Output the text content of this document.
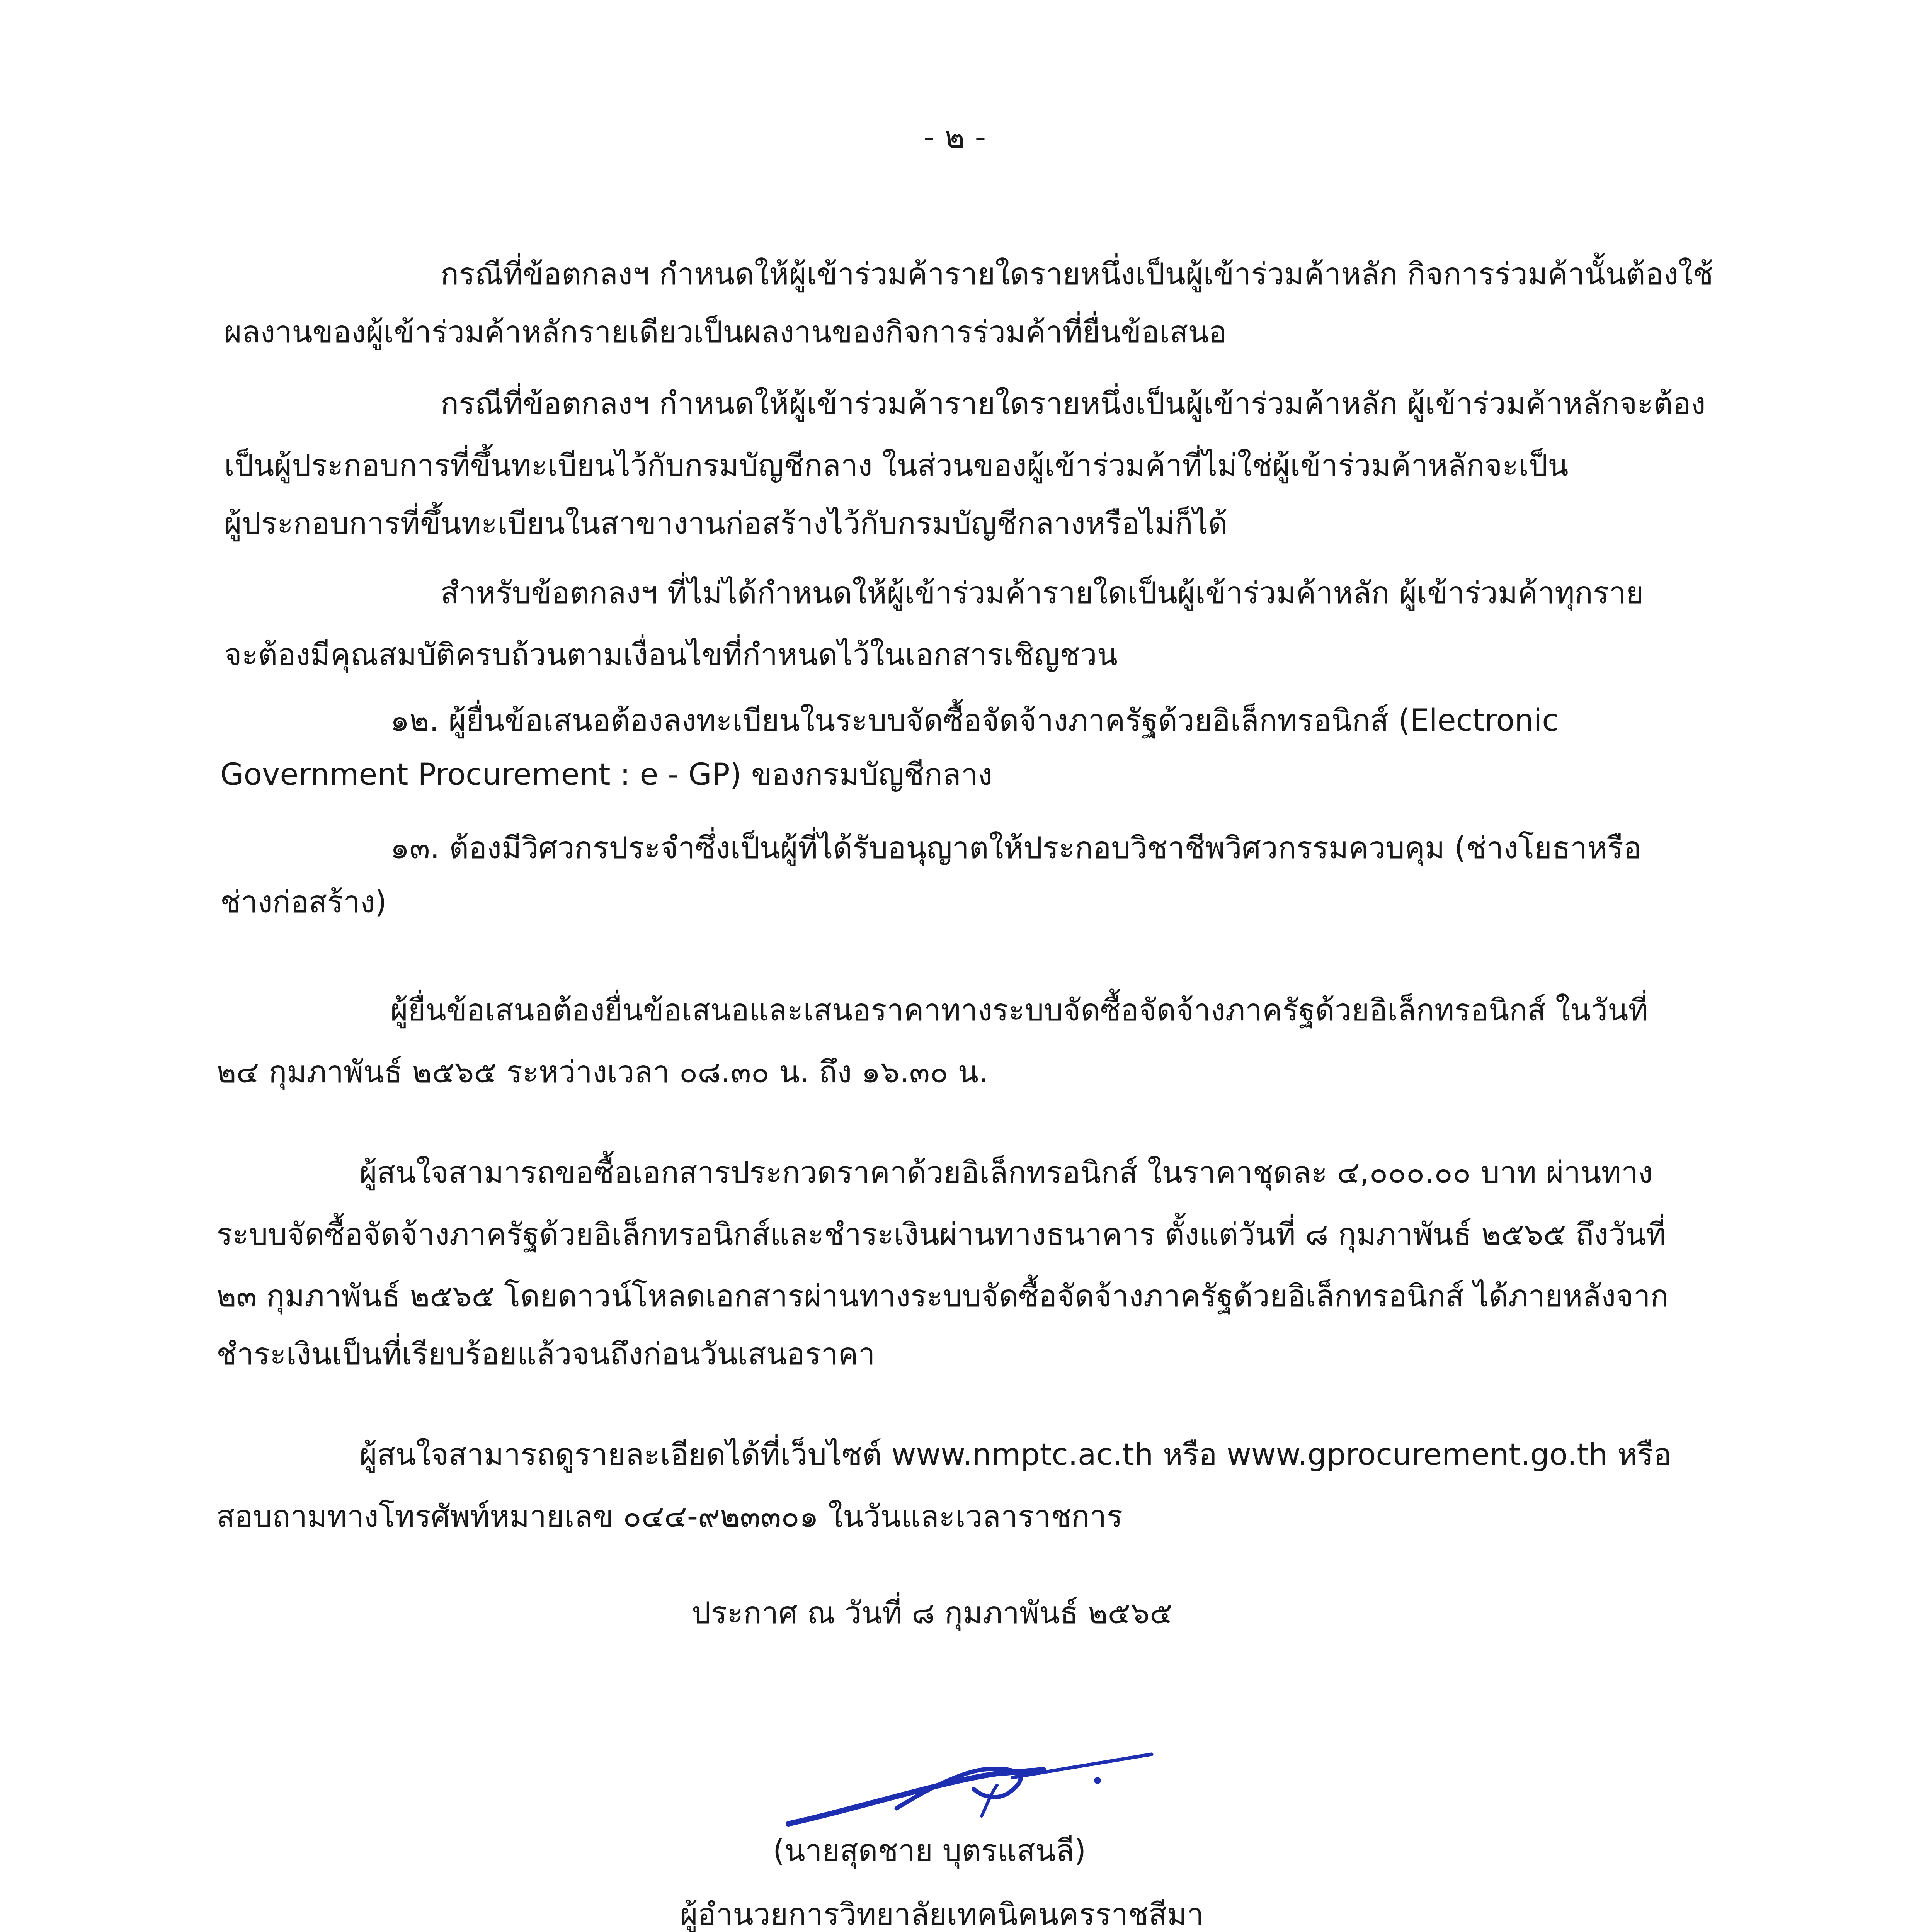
- ๒ -
กรณีที่ข้อตกลงฯ กำหนดให้ผู้เข้าร่วมค้ารายใดรายหนึ่งเป็นผู้เข้าร่วมค้าหลัก กิจการร่วมค้านั้นต้องใช้
ผลงานของผู้เข้าร่วมค้าหลักรายเดียวเป็นผลงานของกิจการร่วมค้าที่ยื่นข้อเสนอ
กรณีที่ข้อตกลงฯ กำหนดให้ผู้เข้าร่วมค้ารายใดรายหนึ่งเป็นผู้เข้าร่วมค้าหลัก ผู้เข้าร่วมค้าหลักจะต้อง
เป็นผู้ประกอบการที่ขึ้นทะเบียนไว้กับกรมบัญชีกลาง ในส่วนของผู้เข้าร่วมค้าที่ไม่ใช่ผู้เข้าร่วมค้าหลักจะเป็น
ผู้ประกอบการที่ขึ้นทะเบียนในสาขางานก่อสร้างไว้กับกรมบัญชีกลางหรือไม่ก็ได้
สำหรับข้อตกลงฯ ที่ไม่ได้กำหนดให้ผู้เข้าร่วมค้ารายใดเป็นผู้เข้าร่วมค้าหลัก ผู้เข้าร่วมค้าทุกราย
จะต้องมีคุณสมบัติครบถ้วนตามเงื่อนไขที่กำหนดไว้ในเอกสารเชิญชวน
๑๒. ผู้ยื่นข้อเสนอต้องลงทะเบียนในระบบจัดซื้อจัดจ้างภาครัฐด้วยอิเล็กทรอนิกส์ (Electronic
Government Procurement : e - GP) ของกรมบัญชีกลาง
๑๓. ต้องมีวิศวกรประจำซึ่งเป็นผู้ที่ได้รับอนุญาตให้ประกอบวิชาชีพวิศวกรรมควบคุม (ช่างโยธาหรือ
ช่างก่อสร้าง)
ผู้ยื่นข้อเสนอต้องยื่นข้อเสนอและเสนอราคาทางระบบจัดซื้อจัดจ้างภาครัฐด้วยอิเล็กทรอนิกส์ ในวันที่
๒๔ กุมภาพันธ์ ๒๕๖๕ ระหว่างเวลา ๐๘.๓๐ น. ถึง ๑๖.๓๐ น.
ผู้สนใจสามารถขอซื้อเอกสารประกวดราคาด้วยอิเล็กทรอนิกส์ ในราคาชุดละ ๔,๐๐๐.๐๐ บาท ผ่านทาง
ระบบจัดซื้อจัดจ้างภาครัฐด้วยอิเล็กทรอนิกส์และชำระเงินผ่านทางธนาคาร ตั้งแต่วันที่ ๘ กุมภาพันธ์ ๒๕๖๕ ถึงวันที่
๒๓ กุมภาพันธ์ ๒๕๖๕ โดยดาวน์โหลดเอกสารผ่านทางระบบจัดซื้อจัดจ้างภาครัฐด้วยอิเล็กทรอนิกส์ ได้ภายหลังจาก
ชำระเงินเป็นที่เรียบร้อยแล้วจนถึงก่อนวันเสนอราคา
ผู้สนใจสามารถดูรายละเอียดได้ที่เว็บไซต์ www.nmptc.ac.th หรือ www.gprocurement.go.th หรือ
สอบถามทางโทรศัพท์หมายเลข ๐๔๔-๙๒๓๓๐๑ ในวันและเวลาราชการ
ประกาศ ณ วันที่ ๘ กุมภาพันธ์ ๒๕๖๕
(นายสุดชาย บุตรแสนลี)
ผู้อำนวยการวิทยาลัยเทคนิคนครราชสีมา
